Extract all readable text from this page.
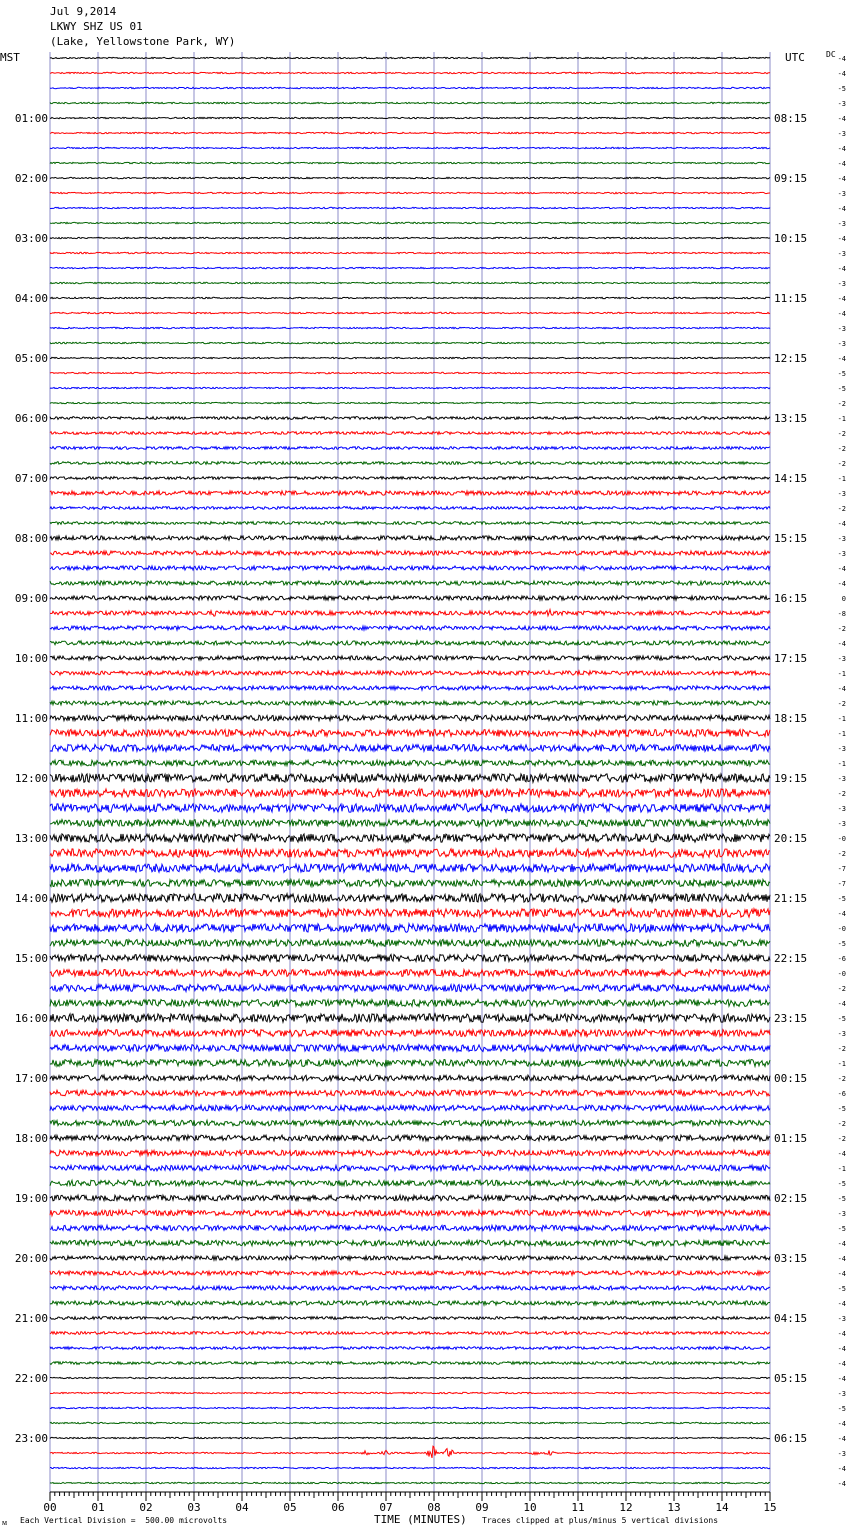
Jul 9,2014
LKWY SHZ US 01
(Lake, Yellowstone Park, WY)
MST	UTC	DC -4
-4
-5
-3
-4
-3
-4
-4
-4
-3
-4
-3
-4
-3
-4
-3
-4
-4
-3
-3
-4
-5
-5
-2
-1
-2
-2
-2
-1
-3
-2
-4
-3
-3
-4
-4
0
-8
-2
-4
-3
-1
-4
-2
-1
-1
-3
-1
-3
-2
-3
-3
-0
-2
-7
-7
-5
-4
-0
-5
-6
-0
-2
-4
-5
-3
-2
-1
-2
-6
-5
-2
-2
-4
-1
-5
-5
-3
-5
-4
-4
-4
-5
-4
-3
-4
-4
-4
-4
-3
-5
-4
-4
-3
-4
-4
01:00
02:00
03:00
04:00
05:00
06:00
07:00
08:00
09:00
10:00
11:00
12:00
13:00
14:00
15:00
16:00
17:00
18:00
19:00
20:00
21:00
22:00
23:00
08:15
09:15
10:15
11:15
12:15
13:15
14:15
15:15
16:15
17:15
18:15
19:15
20:15
21:15
22:15
23:15
00:15
01:15
02:15
03:15
04:15
05:15
06:15
00	01	02	03	04	05	06	07	08	09	10	11	12	13	14	15
ᴍ Each Vertical Division =  500.00 microvolts	TIME (MINUTES) Traces clipped at plus/minus 5 vertical divisions
